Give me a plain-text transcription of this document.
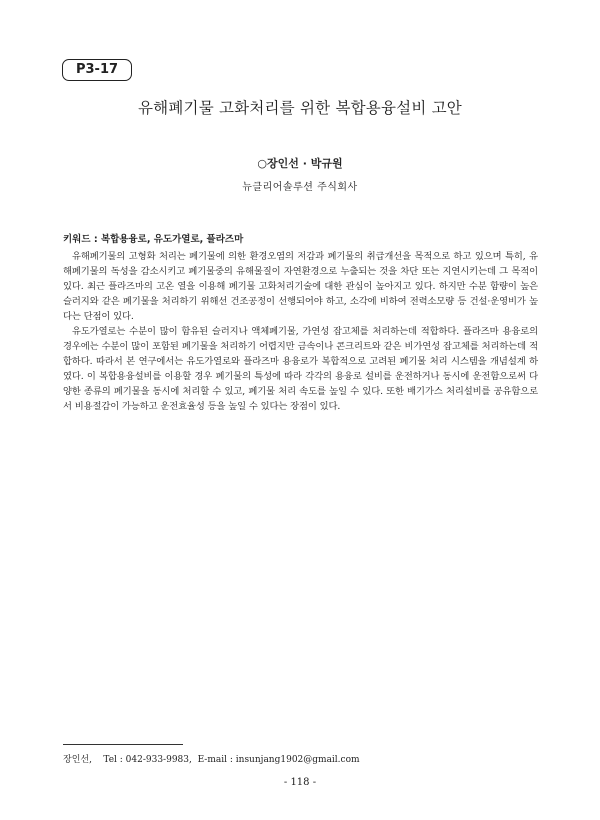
P3-17
유해폐기물 고화처리를 위한 복합용융설비 고안
○장인선 · 박규원
뉴클리어솔루션 주식회사
키워드 : 복합용융로, 유도가열로, 플라즈마

유해폐기물의 고형화 처리는 폐기물에 의한 환경오염의 저감과 폐기물의 취급개선을 목적으로 하고 있으며 특히, 유해폐기물의 독성을 감소시키고 폐기물중의 유해물질이 자연환경으로 누출되는 것을 차단 또는 지연시키는데 그 목적이 있다. 최근 플라즈마의 고온 열을 이용해 폐기물 고화처리기술에 대한 관심이 높아지고 있다. 하지만 수분 함량이 높은 슬러지와 같은 폐기물을 처리하기 위해선 건조공정이 선행되어야 하고, 소각에 비하여 전력소모량 등 건설·운영비가 높다는 단점이 있다.

유도가열로는 수분이 많이 함유된 슬러지나 액체폐기물, 가연성 잡고체를 처리하는데 적합하다. 플라즈마 용융로의 경우에는 수분이 많이 포함된 폐기물을 처리하기 어렵지만 금속이나 콘크리트와 같은 비가연성 잡고체를 처리하는데 적합하다. 따라서 본 연구에서는 유도가열로와 플라즈마 용융로가 복합적으로 고려된 폐기물 처리 시스템을 개념설계 하였다. 이 복합용융설비를 이용할 경우 폐기물의 특성에 따라 각각의 용융로 설비를 운전하거나 동시에 운전함으로써 다양한 종류의 폐기물을 동시에 처리할 수 있고, 폐기물 처리 속도를 높일 수 있다. 또한 배기가스 처리설비를 공유함으로서 비용절감이 가능하고 운전효율성 등을 높일 수 있다는 장점이 있다.

장인선,    Tel : 042-933-9983,  E-mail : insunjang1902@gmail.com
- 118 -
